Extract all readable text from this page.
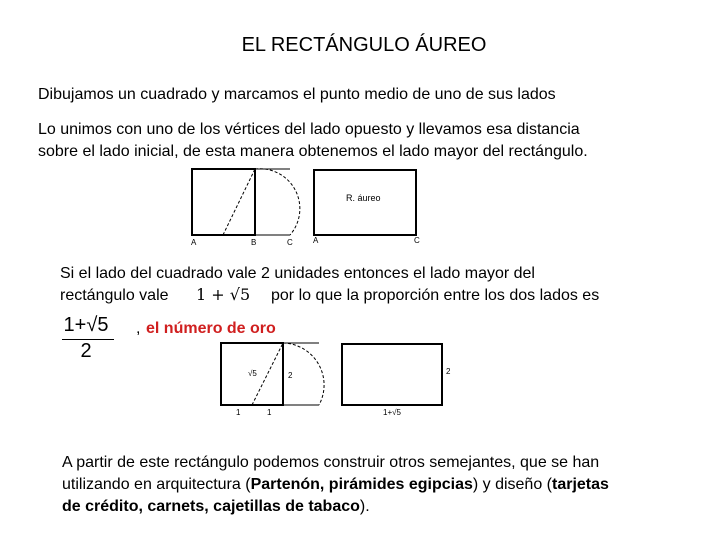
EL RECTÁNGULO ÁUREO
Dibujamos un cuadrado y marcamos el punto medio de uno de sus lados
Lo unimos con uno de los vértices del lado opuesto y llevamos esa distancia
sobre el lado inicial, de esta manera obtenemos el lado mayor del rectángulo.
A	B	C
R. áureo
A	C
Si el lado del cuadrado vale 2 unidades entonces el lado mayor del
rectángulo vale 1 + √5 por lo que la proporción entre los dos lados es
1+√5
2
, el número de oro
√5	2
1	1
2
1+√5
A partir de este rectángulo podemos construir otros semejantes, que se han
utilizando en arquitectura (Partenón, pirámides egipcias) y diseño (tarjetas
de crédito, carnets, cajetillas de tabaco).
